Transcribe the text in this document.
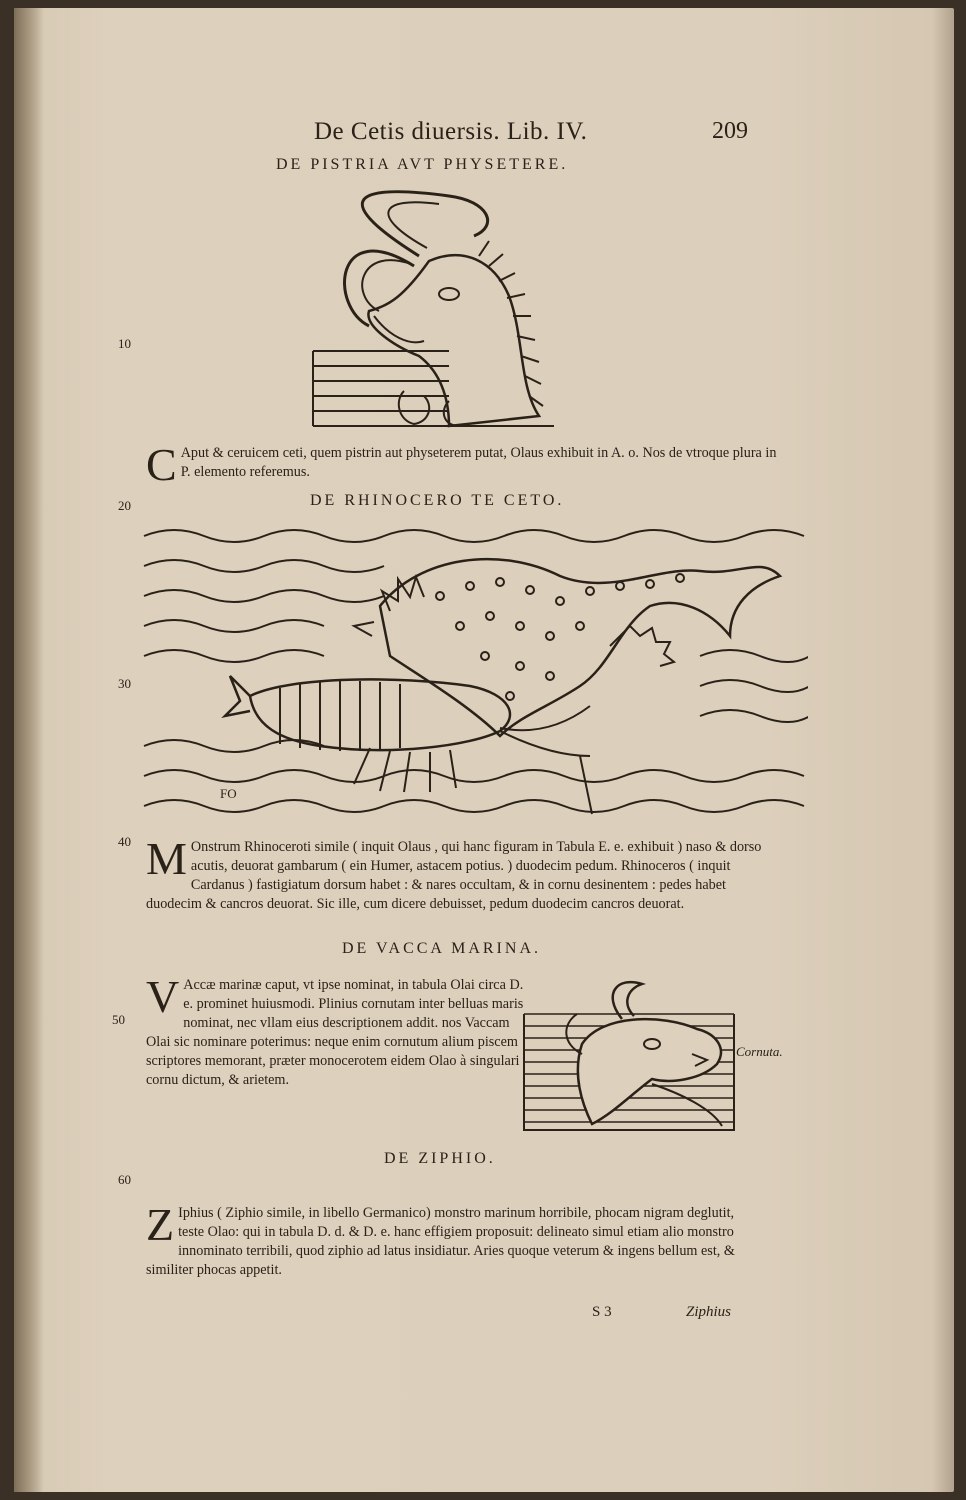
De Cetis diuersis. Lib. IV.	209
DE PISTRIA AVT PHYSETERE.
10
C Aput & ceruicem ceti, quem pistrin aut physeterem putat, Olaus exhibuit in A. o. Nos de vtroque plura in P. elemento referemus.
20	DE RHINOCERO TE CETO.
FO
30
40 M Onstrum Rhinoceroti simile ( inquit Olaus , qui hanc figuram in Tabula E. e. exhibuit ) naso & dorso acutis, deuorat gambarum ( ein Humer, astacem potius. ) duodecim pedum. Rhinoceros ( inquit Cardanus ) fastigiatum dorsum habet : & nares occultam, & in cornu desinentem : pedes habet duodecim & cancros deuorat. Sic ille, cum dicere debuisset, pedum duodecim cancros deuorat.
DE VACCA MARINA.
50 V Accæ marinæ caput, vt ipse nominat, in tabula Olai circa D. e. prominet huiusmodi. Plinius cornutam inter belluas maris nominat, nec vllam eius descriptionem addit. nos Vaccam Olai sic nominare poterimus: neque enim cornutum alium piscem scriptores memorant, præter monocerotem eidem Olao à singulari cornu dictum, & arietem.
Cornuta.
DE ZIPHIO.
60
Z Iphius ( Ziphio simile, in libello Germanico) monstro marinum horribile, phocam nigram deglutit, teste Olao: qui in tabula D. d. & D. e. hanc effigiem proposuit: delineato simul etiam alio monstro innominato terribili, quod ziphio ad latus insidiatur. Aries quoque veterum & ingens bellum est, & similiter phocas appetit.
S 3	Ziphius
